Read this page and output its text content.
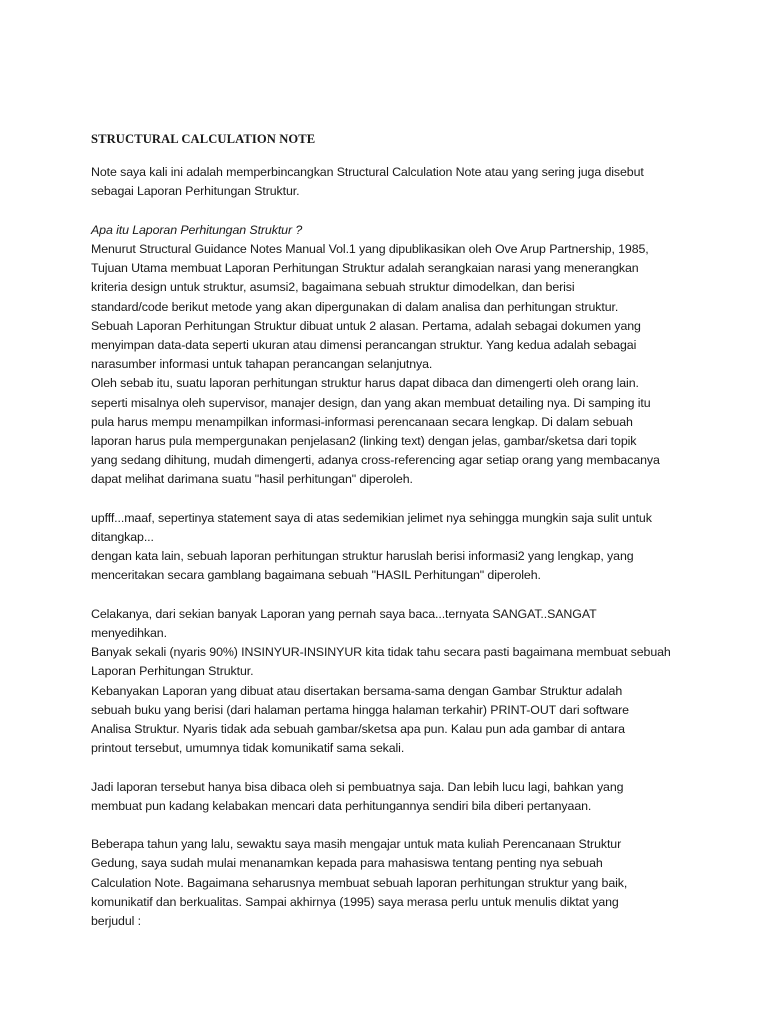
STRUCTURAL CALCULATION NOTE
Note saya kali ini adalah memperbincangkan Structural Calculation Note atau yang sering juga disebut
sebagai Laporan Perhitungan Struktur.
Apa itu Laporan Perhitungan Struktur ?
Menurut Structural Guidance Notes Manual Vol.1 yang dipublikasikan oleh Ove Arup Partnership, 1985,
Tujuan Utama membuat Laporan Perhitungan Struktur adalah serangkaian narasi yang menerangkan
kriteria design untuk struktur, asumsi2, bagaimana sebuah struktur dimodelkan, dan berisi
standard/code berikut metode yang akan dipergunakan di dalam analisa dan perhitungan struktur.
Sebuah Laporan Perhitungan Struktur dibuat untuk 2 alasan. Pertama, adalah sebagai dokumen yang
menyimpan data-data seperti ukuran atau dimensi perancangan struktur. Yang kedua adalah sebagai
narasumber informasi untuk tahapan perancangan selanjutnya.
Oleh sebab itu, suatu laporan perhitungan struktur harus dapat dibaca dan dimengerti oleh orang lain.
seperti misalnya oleh supervisor, manajer design, dan yang akan membuat detailing nya. Di samping itu
pula harus mempu menampilkan informasi-informasi perencanaan secara lengkap. Di dalam sebuah
laporan harus pula mempergunakan penjelasan2 (linking text) dengan jelas, gambar/sketsa dari topik
yang sedang dihitung, mudah dimengerti, adanya cross-referencing agar setiap orang yang membacanya
dapat melihat darimana suatu "hasil perhitungan" diperoleh.
upfff...maaf, sepertinya statement saya di atas sedemikian jelimet nya sehingga mungkin saja sulit untuk
ditangkap...
dengan kata lain, sebuah laporan perhitungan struktur haruslah berisi informasi2 yang lengkap, yang
menceritakan secara gamblang bagaimana sebuah "HASIL Perhitungan" diperoleh.
Celakanya, dari sekian banyak Laporan yang pernah saya baca...ternyata SANGAT..SANGAT
menyedihkan.
Banyak sekali (nyaris 90%) INSINYUR-INSINYUR kita tidak tahu secara pasti bagaimana membuat sebuah
Laporan Perhitungan Struktur.
Kebanyakan Laporan yang dibuat atau disertakan bersama-sama dengan Gambar Struktur adalah
sebuah buku yang berisi (dari halaman pertama hingga halaman terkahir) PRINT-OUT dari software
Analisa Struktur. Nyaris tidak ada sebuah gambar/sketsa apa pun. Kalau pun ada gambar di antara
printout tersebut, umumnya tidak komunikatif sama sekali.
Jadi laporan tersebut hanya bisa dibaca oleh si pembuatnya saja. Dan lebih lucu lagi, bahkan yang
membuat pun kadang kelabakan mencari data perhitungannya sendiri bila diberi pertanyaan.
Beberapa tahun yang lalu, sewaktu saya masih mengajar untuk mata kuliah Perencanaan Struktur
Gedung, saya sudah mulai menanamkan kepada para mahasiswa tentang penting nya sebuah
Calculation Note. Bagaimana seharusnya membuat sebuah laporan perhitungan struktur yang baik,
komunikatif dan berkualitas. Sampai akhirnya (1995) saya merasa perlu untuk menulis diktat yang
berjudul :
